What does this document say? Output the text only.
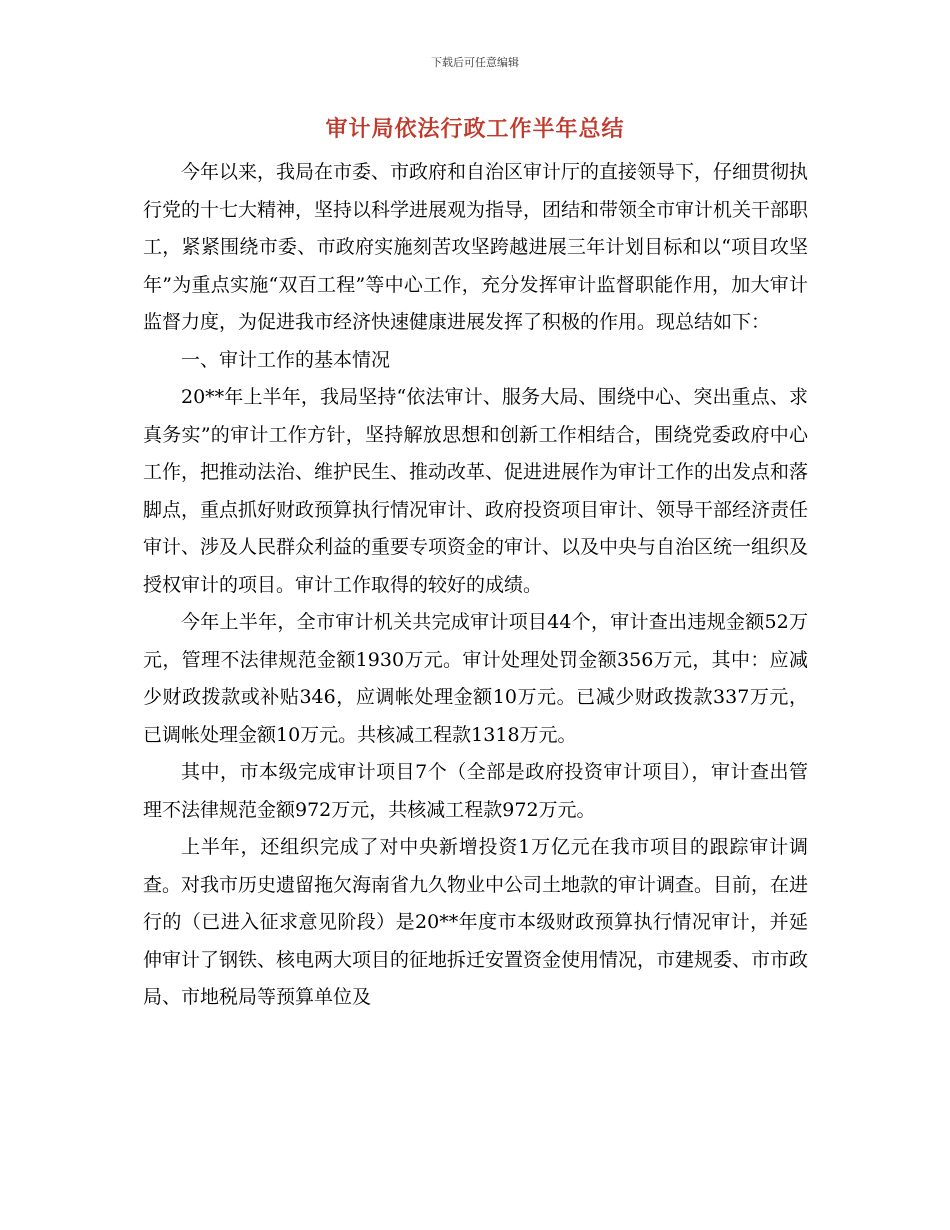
下载后可任意编辑
审计局依法行政工作半年总结

今年以来，我局在市委、市政府和自治区审计厅的直接领导下，仔细贯彻执行党的十七大精神，坚持以科学进展观为指导，团结和带领全市审计机关干部职工，紧紧围绕市委、市政府实施刻苦攻坚跨越进展三年计划目标和以“项目攻坚年”为重点实施“双百工程”等中心工作，充分发挥审计监督职能作用，加大审计监督力度，为促进我市经济快速健康进展发挥了积极的作用。现总结如下：

一、审计工作的基本情况

20**年上半年，我局坚持“依法审计、服务大局、围绕中心、突出重点、求真务实”的审计工作方针，坚持解放思想和创新工作相结合，围绕党委政府中心工作，把推动法治、维护民生、推动改革、促进进展作为审计工作的出发点和落脚点，重点抓好财政预算执行情况审计、政府投资项目审计、领导干部经济责任审计、涉及人民群众利益的重要专项资金的审计、以及中央与自治区统一组织及授权审计的项目。审计工作取得的较好的成绩。

今年上半年，全市审计机关共完成审计项目44个，审计查出违规金额52万元，管理不法律规范金额1930万元。审计处理处罚金额356万元，其中：应减少财政拨款或补贴346，应调帐处理金额10万元。已减少财政拨款337万元，已调帐处理金额10万元。共核减工程款1318万元。

其中，市本级完成审计项目7个（全部是政府投资审计项目），审计查出管理不法律规范金额972万元，共核减工程款972万元。

上半年，还组织完成了对中央新增投资1万亿元在我市项目的跟踪审计调查。对我市历史遗留拖欠海南省九久物业中公司土地款的审计调查。目前，在进行的（已进入征求意见阶段）是20**年度市本级财政预算执行情况审计，并延伸审计了钢铁、核电两大项目的征地拆迁安置资金使用情况，市建规委、市市政局、市地税局等预算单位及
